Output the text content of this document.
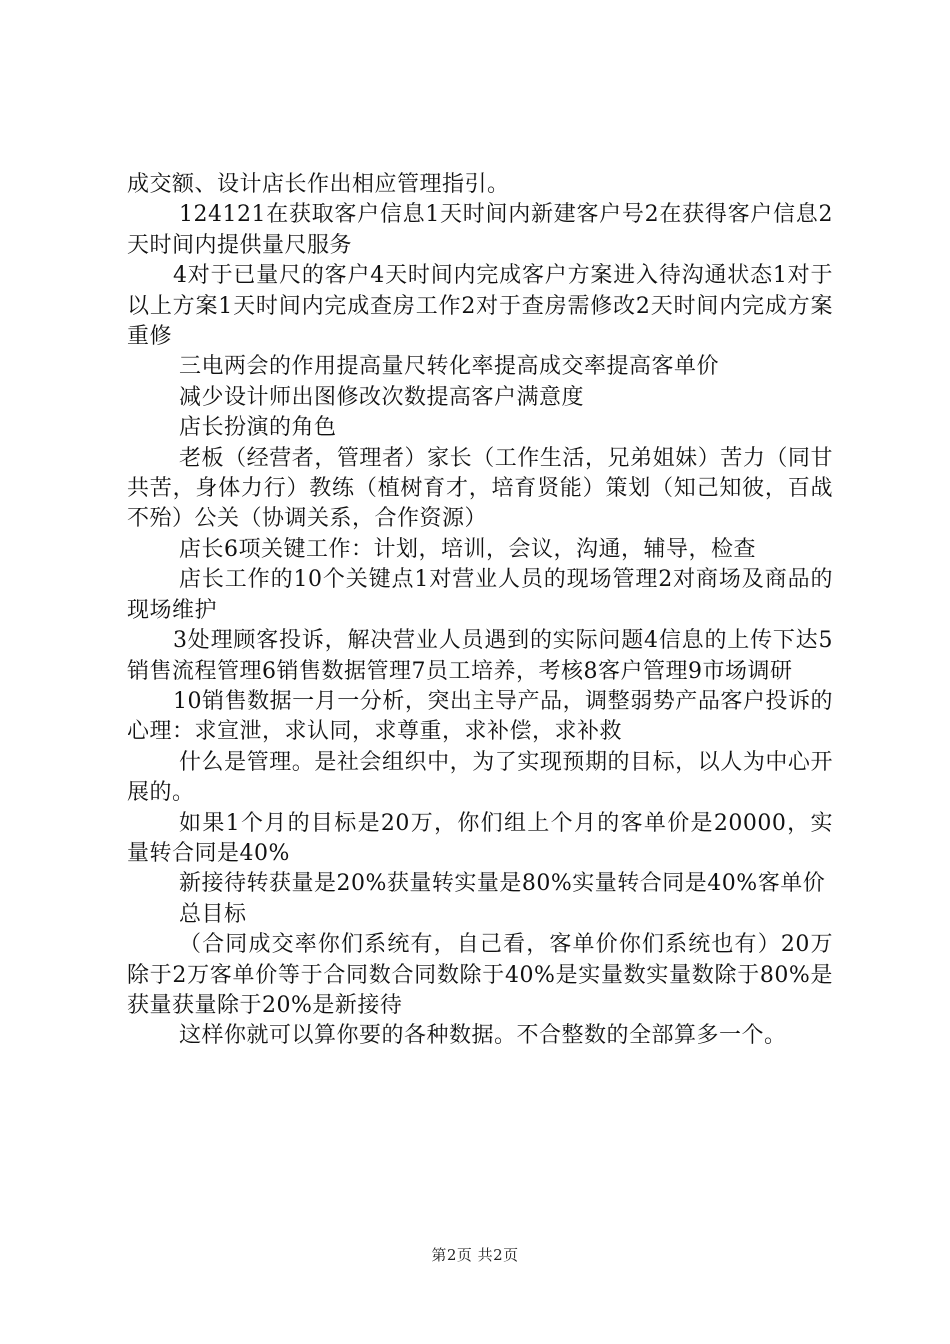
成交额、设计店长作出相应管理指引。

124121在获取客户信息1天时间内新建客户号2在获得客户信息2天时间内提供量尺服务

4对于已量尺的客户4天时间内完成客户方案进入待沟通状态1对于以上方案1天时间内完成查房工作2对于查房需修改2天时间内完成方案重修

三电两会的作用提高量尺转化率提高成交率提高客单价

减少设计师出图修改次数提高客户满意度

店长扮演的角色

老板（经营者，管理者）家长（工作生活，兄弟姐妹）苦力（同甘共苦，身体力行）教练（植树育才，培育贤能）策划（知己知彼，百战不殆）公关（协调关系，合作资源）

店长6项关键工作：计划，培训，会议，沟通，辅导，检查

店长工作的10个关键点1对营业人员的现场管理2对商场及商品的现场维护

3处理顾客投诉，解决营业人员遇到的实际问题4信息的上传下达5销售流程管理6销售数据管理7员工培养，考核8客户管理9市场调研

10销售数据一月一分析，突出主导产品，调整弱势产品客户投诉的心理：求宣泄，求认同，求尊重，求补偿，求补救

什么是管理。是社会组织中，为了实现预期的目标，以人为中心开展的。

如果1个月的目标是20万，你们组上个月的客单价是20000，实量转合同是40%

新接待转获量是20%获量转实量是80%实量转合同是40%客单价

总目标

（合同成交率你们系统有，自己看，客单价你们系统也有）20万除于2万客单价等于合同数合同数除于40%是实量数实量数除于80%是获量获量除于20%是新接待

这样你就可以算你要的各种数据。不合整数的全部算多一个。

第2页 共2页
